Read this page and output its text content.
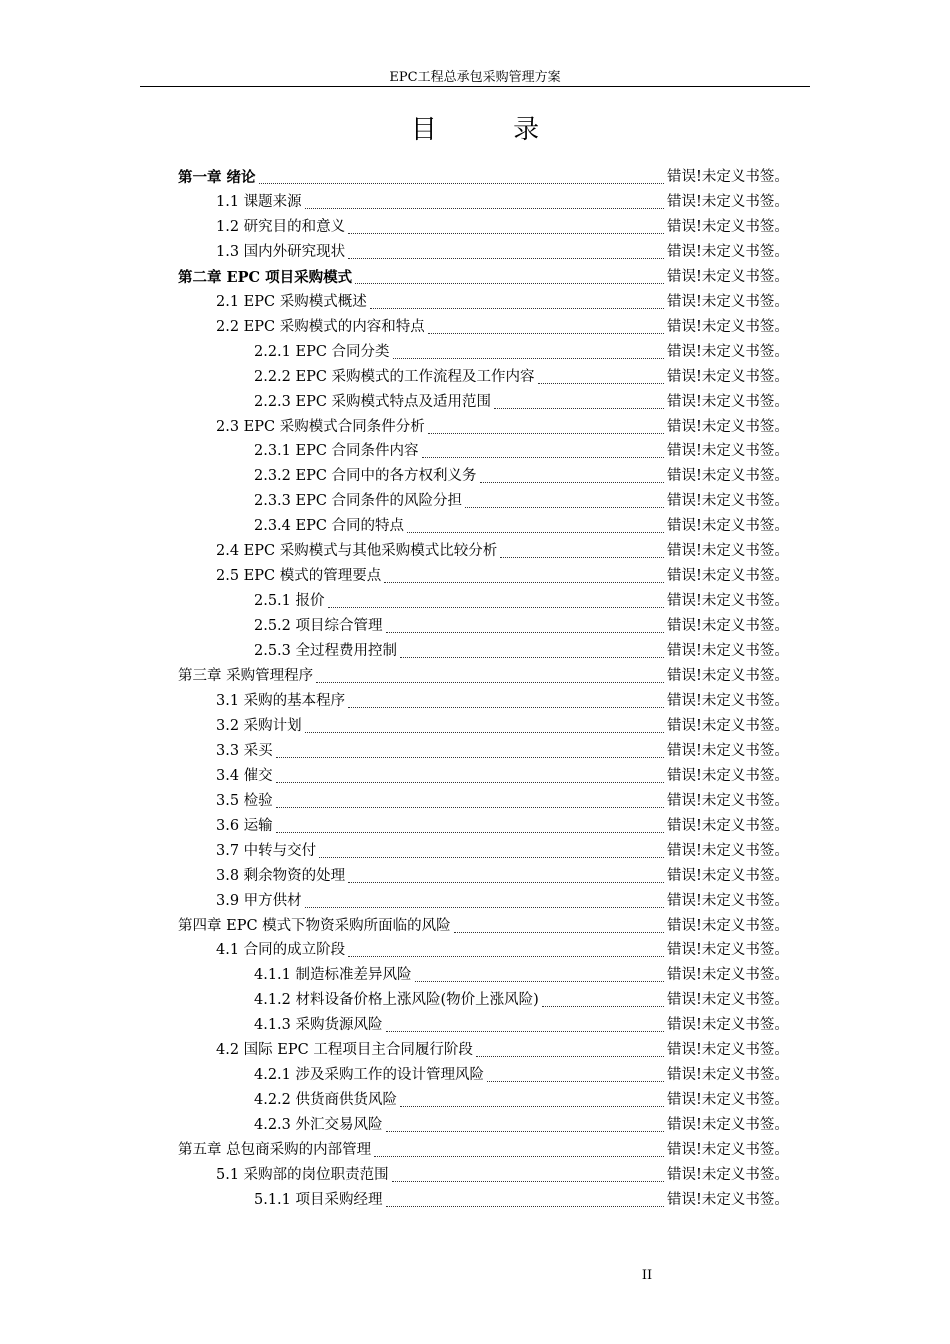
EPC工程总承包采购管理方案
目 录
第一章 绪论	错误!未定义书签。
1.1 课题来源	错误!未定义书签。
1.2 研究目的和意义	错误!未定义书签。
1.3 国内外研究现状	错误!未定义书签。
第二章 EPC 项目采购模式	错误!未定义书签。
2.1 EPC 采购模式概述	错误!未定义书签。
2.2 EPC 采购模式的内容和特点	错误!未定义书签。
2.2.1 EPC 合同分类	错误!未定义书签。
2.2.2 EPC 采购模式的工作流程及工作内容	错误!未定义书签。
2.2.3 EPC 采购模式特点及适用范围	错误!未定义书签。
2.3 EPC 采购模式合同条件分析	错误!未定义书签。
2.3.1 EPC 合同条件内容	错误!未定义书签。
2.3.2 EPC 合同中的各方权利义务	错误!未定义书签。
2.3.3 EPC 合同条件的风险分担	错误!未定义书签。
2.3.4 EPC 合同的特点	错误!未定义书签。
2.4 EPC 采购模式与其他采购模式比较分析	错误!未定义书签。
2.5 EPC 模式的管理要点	错误!未定义书签。
2.5.1 报价	错误!未定义书签。
2.5.2 项目综合管理	错误!未定义书签。
2.5.3 全过程费用控制	错误!未定义书签。
第三章 采购管理程序	错误!未定义书签。
3.1 采购的基本程序	错误!未定义书签。
3.2 采购计划	错误!未定义书签。
3.3 采买	错误!未定义书签。
3.4 催交	错误!未定义书签。
3.5 检验	错误!未定义书签。
3.6 运输	错误!未定义书签。
3.7 中转与交付	错误!未定义书签。
3.8 剩余物资的处理	错误!未定义书签。
3.9 甲方供材	错误!未定义书签。
第四章 EPC 模式下物资采购所面临的风险	错误!未定义书签。
4.1 合同的成立阶段	错误!未定义书签。
4.1.1 制造标准差异风险	错误!未定义书签。
4.1.2 材料设备价格上涨风险(物价上涨风险)	错误!未定义书签。
4.1.3 采购货源风险	错误!未定义书签。
4.2 国际 EPC 工程项目主合同履行阶段	错误!未定义书签。
4.2.1 涉及采购工作的设计管理风险	错误!未定义书签。
4.2.2 供货商供货风险	错误!未定义书签。
4.2.3 外汇交易风险	错误!未定义书签。
第五章 总包商采购的内部管理	错误!未定义书签。
5.1 采购部的岗位职责范围	错误!未定义书签。
5.1.1 项目采购经理	错误!未定义书签。
II
